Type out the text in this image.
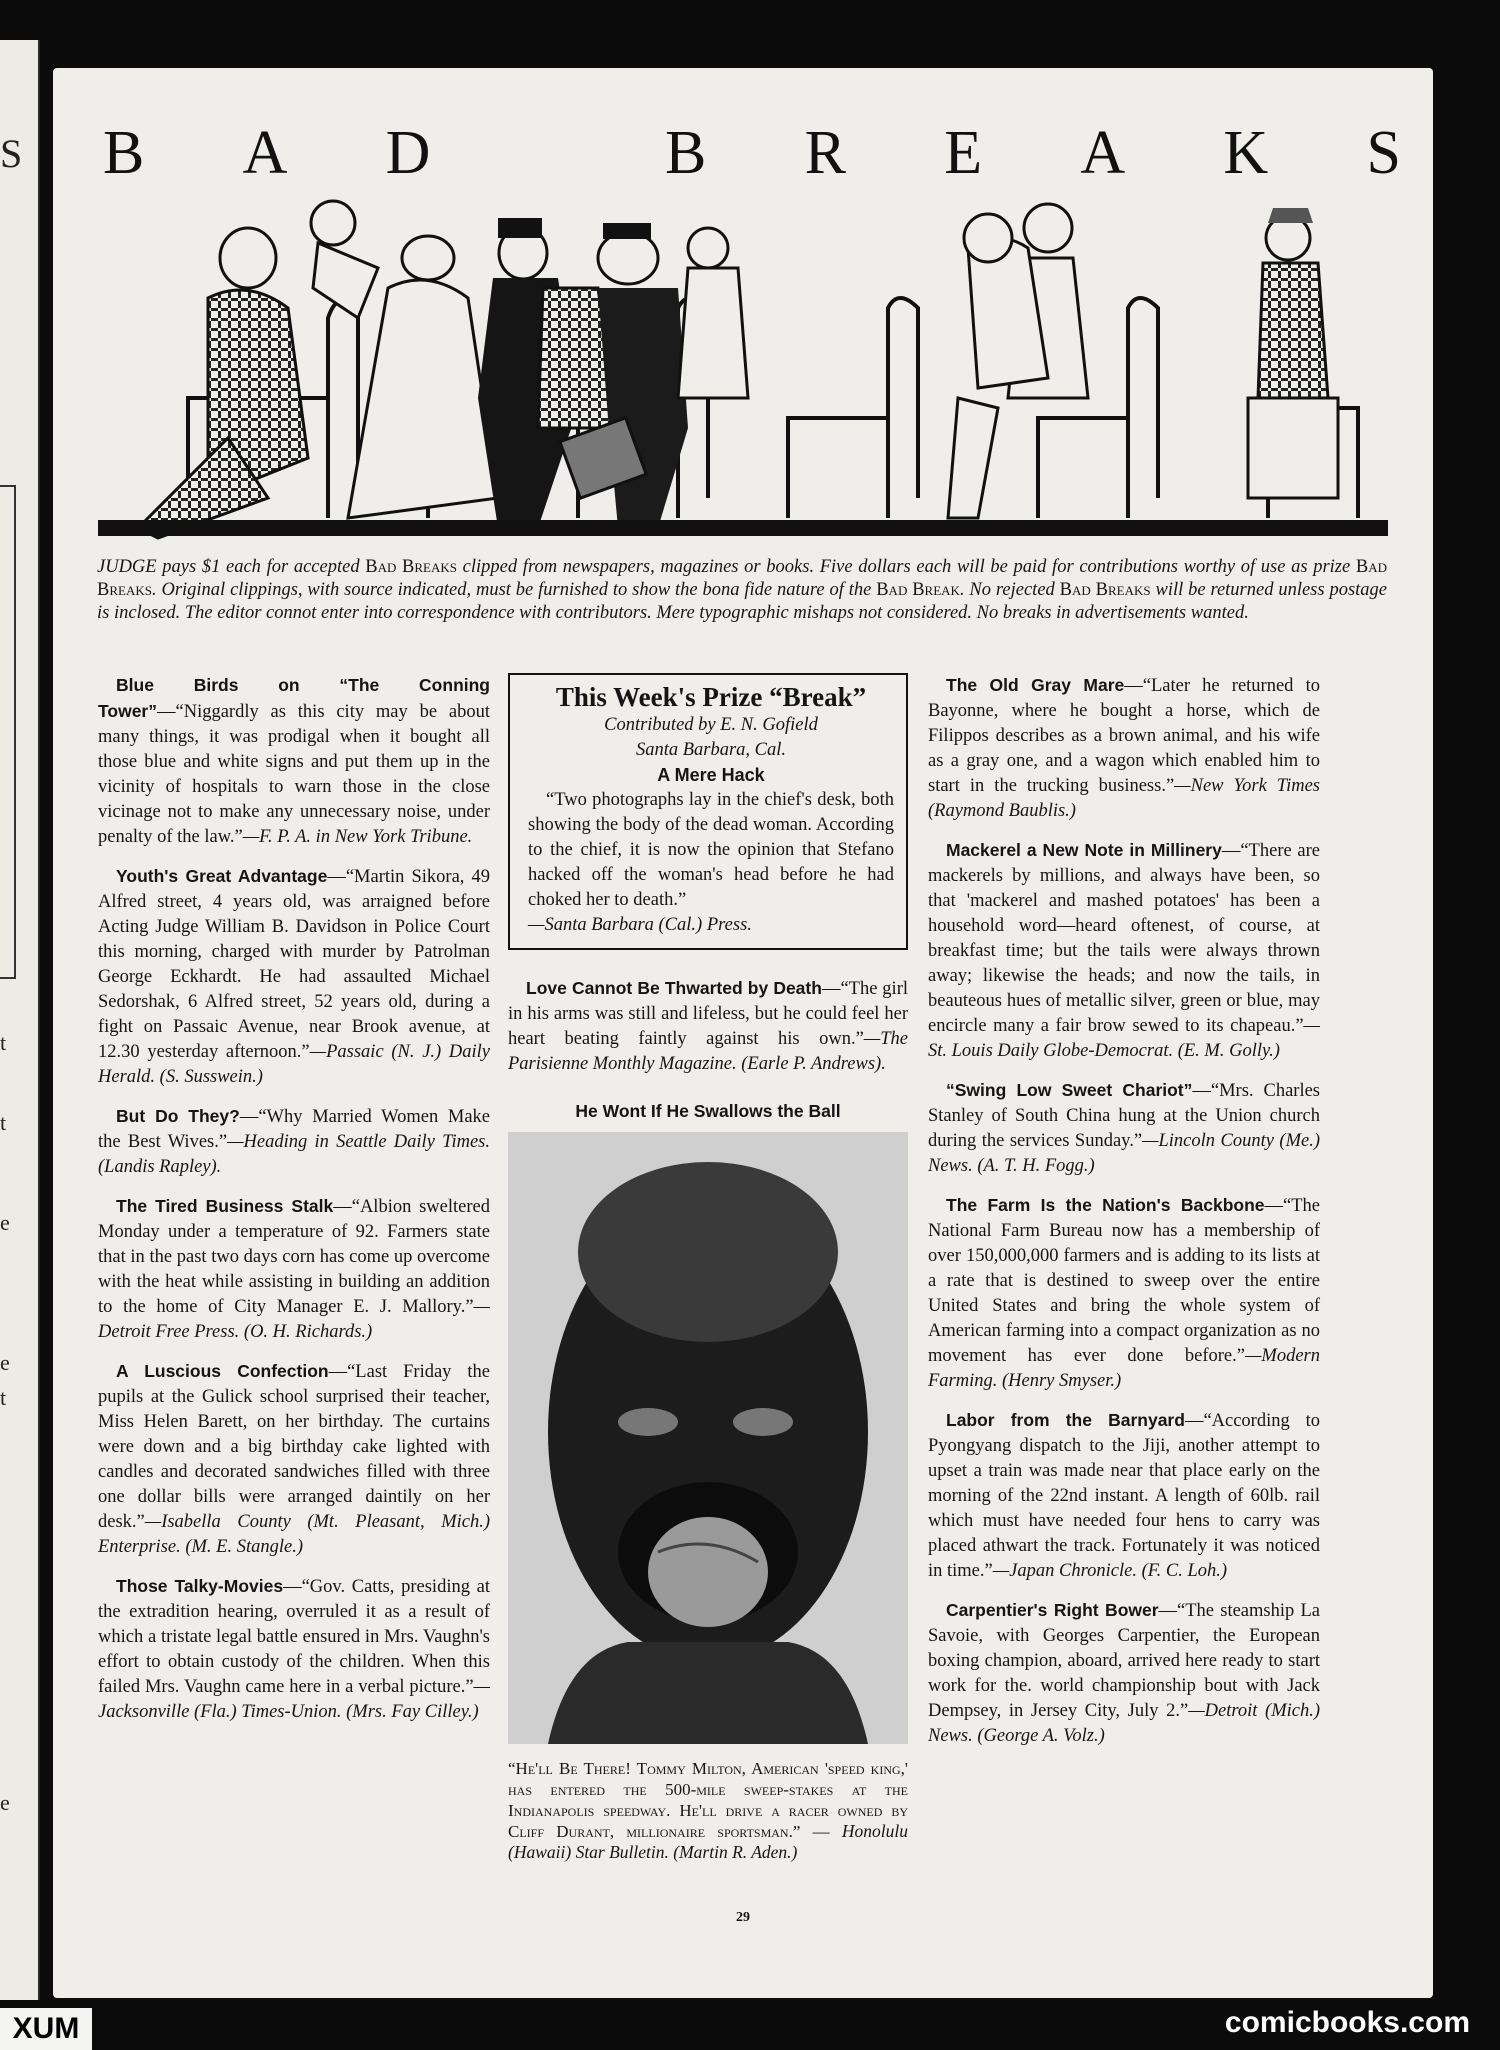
S
t
t
e
e
t
e
XUM
B A D	B R E A K S
JUDGE pays $1 each for accepted Bad Breaks clipped from newspapers, magazines or books. Five dollars each will be paid for contributions worthy of use as prize Bad Breaks. Original clippings, with source indicated, must be furnished to show the bona fide nature of the Bad Break. No rejected Bad Breaks will be returned unless postage is inclosed. The editor connot enter into correspondence with contributors. Mere typographic mishaps not considered. No breaks in advertisements wanted.
Blue Birds on “The Conning Tower”—“Niggardly as this city may be about many things, it was prodigal when it bought all those blue and white signs and put them up in the vicinity of hospitals to warn those in the close vicinage not to make any unnecessary noise, under penalty of the law.”—F. P. A. in New York Tribune.
Youth's Great Advantage—“Martin Sikora, 49 Alfred street, 4 years old, was arraigned before Acting Judge William B. Davidson in Police Court this morning, charged with murder by Patrolman George Eckhardt. He had assaulted Michael Sedorshak, 6 Alfred street, 52 years old, during a fight on Passaic Avenue, near Brook avenue, at 12.30 yesterday afternoon.”—Passaic (N. J.) Daily Herald. (S. Susswein.)
But Do They?—“Why Married Women Make the Best Wives.”—Heading in Seattle Daily Times. (Landis Rapley).
The Tired Business Stalk—“Albion sweltered Monday under a temperature of 92. Farmers state that in the past two days corn has come up overcome with the heat while assisting in building an addition to the home of City Manager E. J. Mallory.”—Detroit Free Press. (O. H. Richards.)
A Luscious Confection—“Last Friday the pupils at the Gulick school surprised their teacher, Miss Helen Barett, on her birthday. The curtains were down and a big birthday cake lighted with candles and decorated sandwiches filled with three one dollar bills were arranged daintily on her desk.”—Isabella County (Mt. Pleasant, Mich.) Enterprise. (M. E. Stangle.)
Those Talky-Movies—“Gov. Catts, presiding at the extradition hearing, overruled it as a result of which a tristate legal battle ensured in Mrs. Vaughn's effort to obtain custody of the children. When this failed Mrs. Vaughn came here in a verbal picture.”—Jacksonville (Fla.) Times-Union. (Mrs. Fay Cilley.)
This Week's Prize “Break”
Contributed by E. N. Gofield
Santa Barbara, Cal.
A Mere Hack
“Two photographs lay in the chief's desk, both showing the body of the dead woman. According to the chief, it is now the opinion that Stefano hacked off the woman's head before he had choked her to death.”
—Santa Barbara (Cal.) Press.
Love Cannot Be Thwarted by Death—“The girl in his arms was still and lifeless, but he could feel her heart beating faintly against his own.”—The Parisienne Monthly Magazine. (Earle P. Andrews).
He Wont If He Swallows the Ball
“He'll Be There! Tommy Milton, American 'speed king,' has entered the 500-mile sweep-stakes at the Indianapolis speedway. He'll drive a racer owned by Cliff Durant, millionaire sportsman.” — Honolulu (Hawaii) Star Bulletin. (Martin R. Aden.)
The Old Gray Mare—“Later he returned to Bayonne, where he bought a horse, which de Filippos describes as a brown animal, and his wife as a gray one, and a wagon which enabled him to start in the trucking business.”—New York Times (Raymond Baublis.)
Mackerel a New Note in Millinery—“There are mackerels by millions, and always have been, so that 'mackerel and mashed potatoes' has been a household word—heard oftenest, of course, at breakfast time; but the tails were always thrown away; likewise the heads; and now the tails, in beauteous hues of metallic silver, green or blue, may encircle many a fair brow sewed to its chapeau.”—St. Louis Daily Globe-Democrat. (E. M. Golly.)
“Swing Low Sweet Chariot”—“Mrs. Charles Stanley of South China hung at the Union church during the services Sunday.”—Lincoln County (Me.) News. (A. T. H. Fogg.)
The Farm Is the Nation's Backbone—“The National Farm Bureau now has a membership of over 150,000,000 farmers and is adding to its lists at a rate that is destined to sweep over the entire United States and bring the whole system of American farming into a compact organization as no movement has ever done before.”—Modern Farming. (Henry Smyser.)
Labor from the Barnyard—“According to Pyongyang dispatch to the Jiji, another attempt to upset a train was made near that place early on the morning of the 22nd instant. A length of 60lb. rail which must have needed four hens to carry was placed athwart the track. Fortunately it was noticed in time.”—Japan Chronicle. (F. C. Loh.)
Carpentier's Right Bower—“The steamship La Savoie, with Georges Carpentier, the European boxing champion, aboard, arrived here ready to start work for the. world championship bout with Jack Dempsey, in Jersey City, July 2.”—Detroit (Mich.) News. (George A. Volz.)
29
comicbooks.com
